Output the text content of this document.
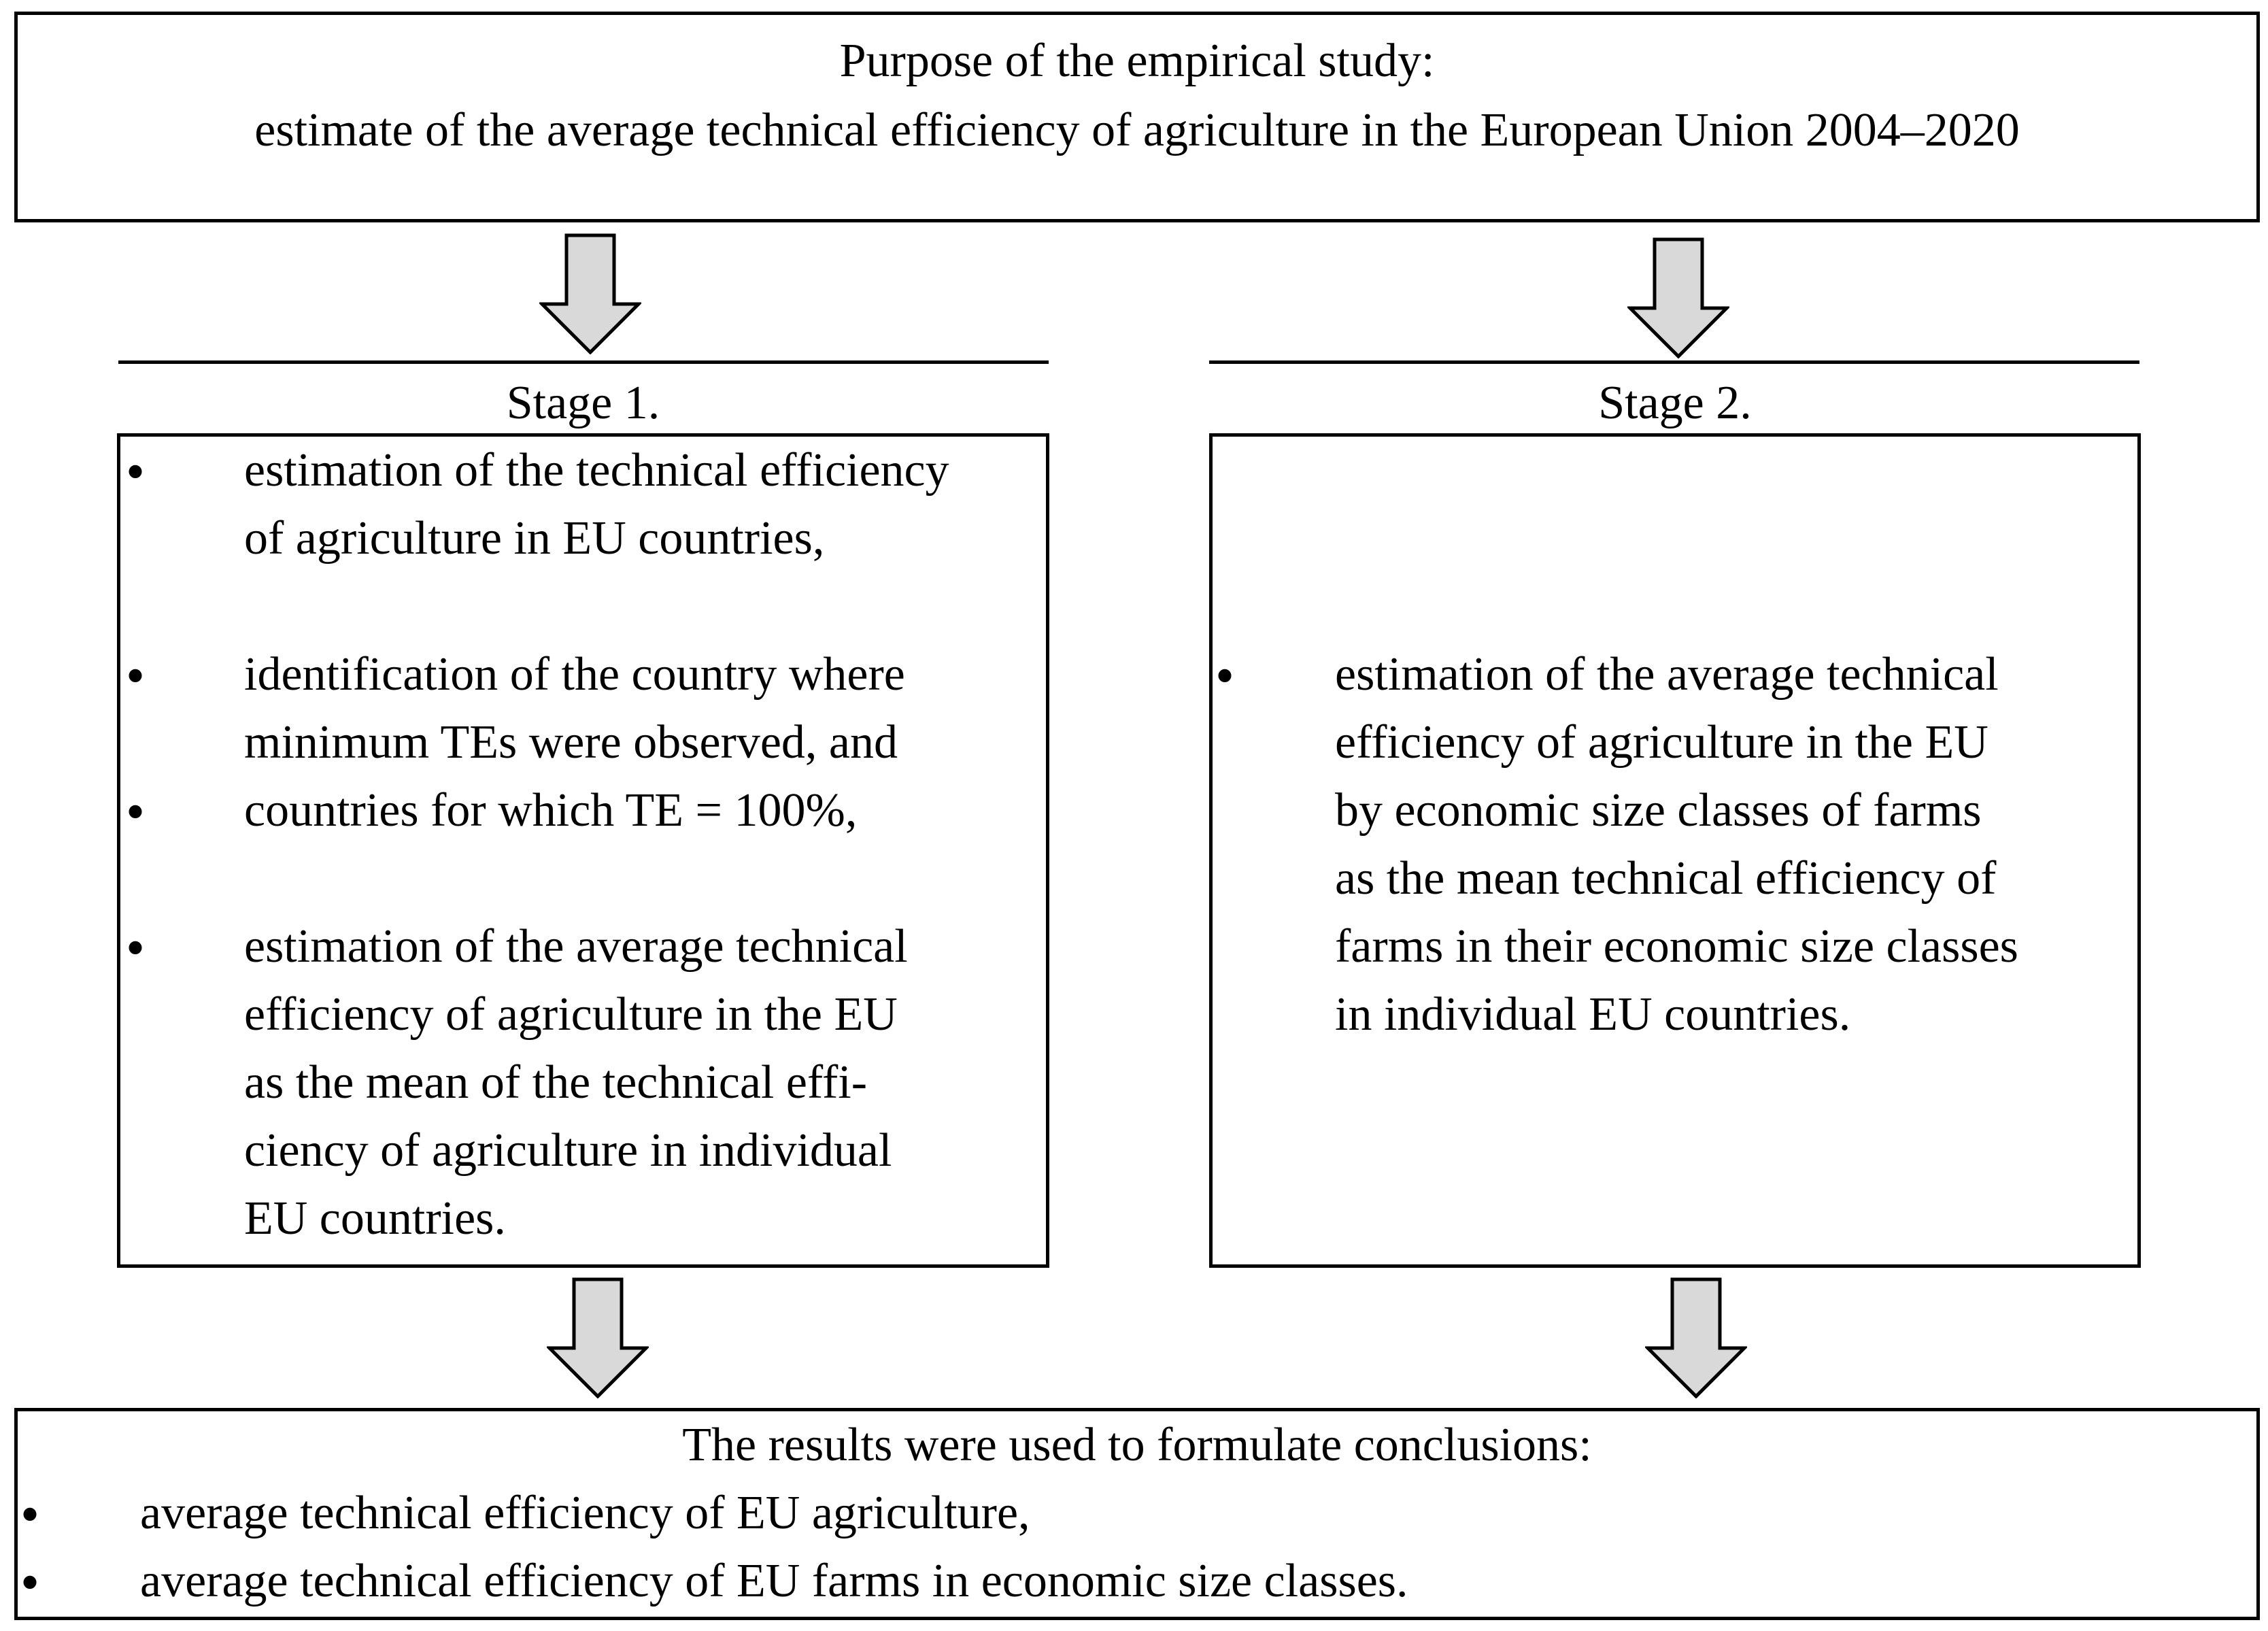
Purpose of the empirical study:
estimate of the average technical efficiency of agriculture in the European Union 2004–2020
Stage 1.	Stage 2.
•
estimation of the technical efficiency
of agriculture in EU countries,
•
identification of the country where
minimum TEs were observed, and
•
countries for which TE = 100%,
•
estimation of the average technical
efficiency of agriculture in the EU
as the mean of the technical effi-
ciency of agriculture in individual
EU countries.
•
estimation of the average technical
efficiency of agriculture in the EU
by economic size classes of farms
as the mean technical efficiency of
farms in their economic size classes
in individual EU countries.
The results were used to formulate conclusions:
•
average technical efficiency of EU agriculture,
•
average technical efficiency of EU farms in economic size classes.
